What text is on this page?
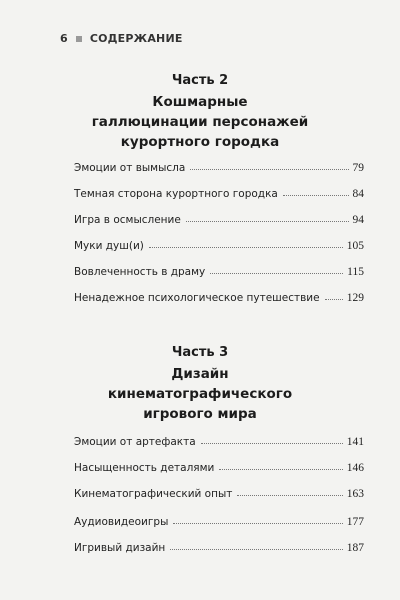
6 СОДЕРЖАНИЕ
Часть 2
Кошмарные
галлюцинации персонажей
курортного городка
Эмоции от вымысла	79
Темная сторона курортного городка	84
Игра в осмысление	94
Муки душ(и)	105
Вовлеченность в драму	115
Ненадежное психологическое путешествие 129
Часть 3
Дизайн
кинематографического
игрового мира
Эмоции от артефакта	141
Насыщенность деталями	146
Кинематографический опыт	163
Аудиовидеоигры	177
Игривый дизайн	187
